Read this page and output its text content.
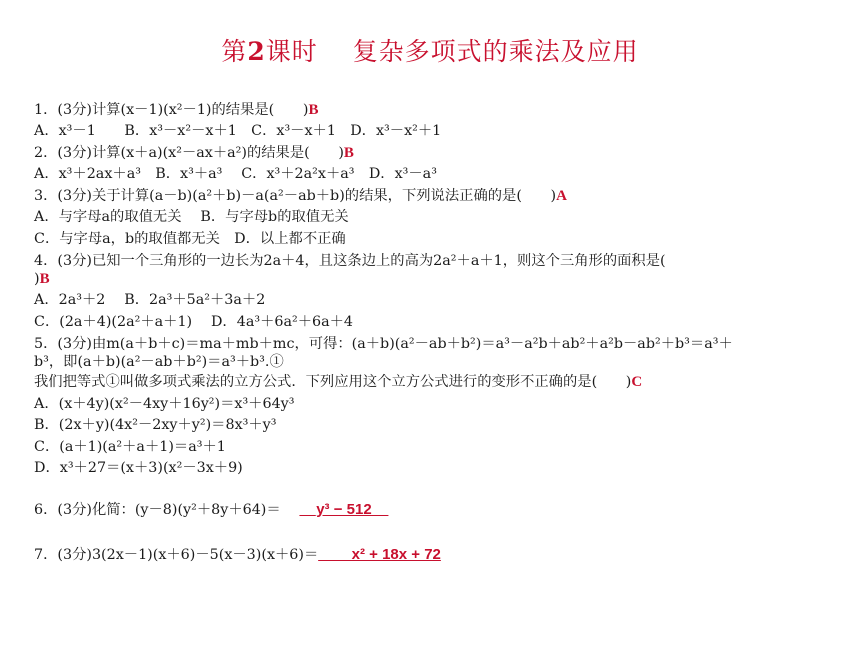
第2课时　 复杂多项式的乘法及应用
1．(3分)计算(x－1)(x²－1)的结果是(　　)B
A．x³－1　　B．x³－x²－x＋1　C．x³－x＋1　D．x³－x²＋1
2．(3分)计算(x＋a)(x²－ax＋a²)的结果是(　　)B
A．x³＋2ax＋a³　B．x³＋a³　 C．x³＋2a²x＋a³　D．x³－a³
3．(3分)关于计算(a－b)(a²＋b)－a(a²－ab＋b)的结果，下列说法正确的是(　　)A
A．与字母a的取值无关　 B．与字母b的取值无关
C．与字母a，b的取值都无关　D．以上都不正确
4．(3分)已知一个三角形的一边长为2a＋4，且这条边上的高为2a²＋a＋1，则这个三角形的面积是(
)B
A．2a³＋2　 B．2a³＋5a²＋3a＋2
C．(2a＋4)(2a²＋a＋1)　 D．4a³＋6a²＋6a＋4
5．(3分)由m(a＋b＋c)＝ma＋mb＋mc，可得：(a＋b)(a²－ab＋b²)＝a³－a²b＋ab²＋a²b－ab²＋b³＝a³＋
b³，即(a＋b)(a²－ab＋b²)＝a³＋b³.①
我们把等式①叫做多项式乘法的立方公式．下列应用这个立方公式进行的变形不正确的是(　　)C
A．(x＋4y)(x²－4xy＋16y²)＝x³＋64y³
B．(2x＋y)(4x²－2xy＋y²)＝8x³＋y³
C．(a＋1)(a²＋a＋1)＝a³＋1
D．x³＋27＝(x＋3)(x²－3x＋9)
6．(3分)化简：(y－8)(y²＋8y＋64)＝　 __y³ − 512__
7．(3分)3(2x－1)(x＋6)－5(x－3)(x＋6)＝____x² + 18x + 72
